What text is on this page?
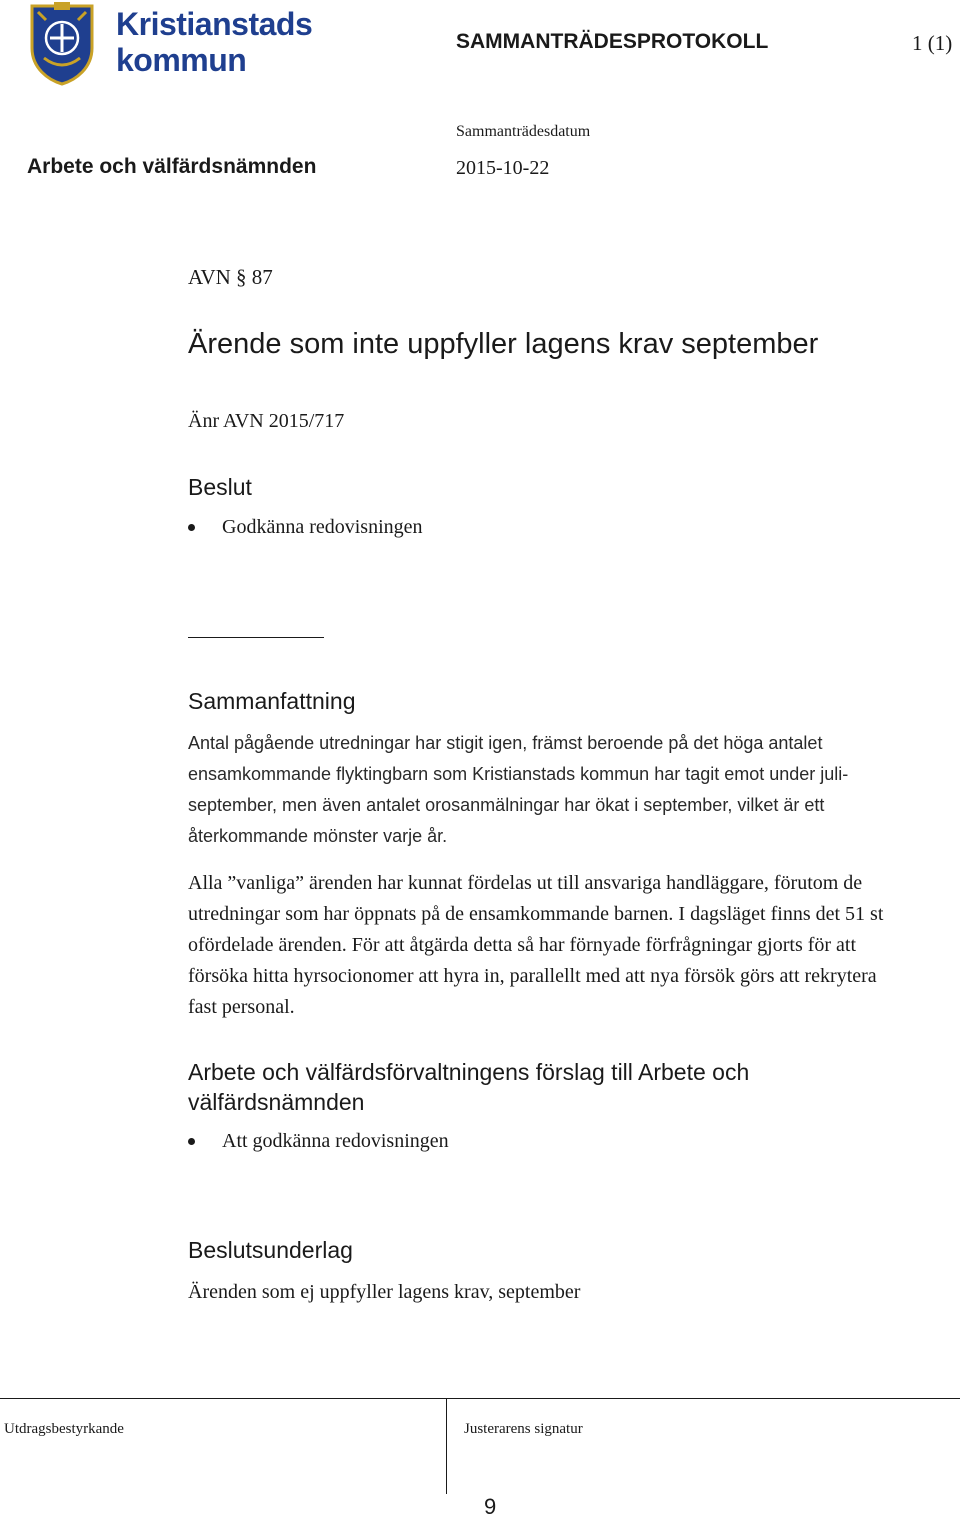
Kristianstads
kommun
SAMMANTRÄDESPROTOKOLL	1 (1)
Sammanträdesdatum
Arbete och välfärdsnämnden	2015-10-22
AVN § 87
Ärende som inte uppfyller lagens krav september
Änr AVN 2015/717
Beslut
Godkänna redovisningen
Sammanfattning

Antal pågående utredningar har stigit igen, främst beroende på det höga antalet ensamkommande flyktingbarn som Kristianstads kommun har tagit emot under juli-september, men även antalet orosanmälningar har ökat i september, vilket är ett återkommande mönster varje år.

Alla ”vanliga” ärenden har kunnat fördelas ut till ansvariga handläggare, förutom de utredningar som har öppnats på de ensamkommande barnen. I dagsläget finns det 51 st ofördelade ärenden. För att åtgärda detta så har förnyade förfrågningar gjorts för att försöka hitta hyrsocionomer att hyra in, parallellt med att nya försök görs att rekrytera fast personal.

Arbete och välfärdsförvaltningens förslag till Arbete och välfärdsnämnden
Att godkänna redovisningen
Beslutsunderlag
Ärenden som ej uppfyller lagens krav, september
Utdragsbestyrkande	Justerarens signatur
9
